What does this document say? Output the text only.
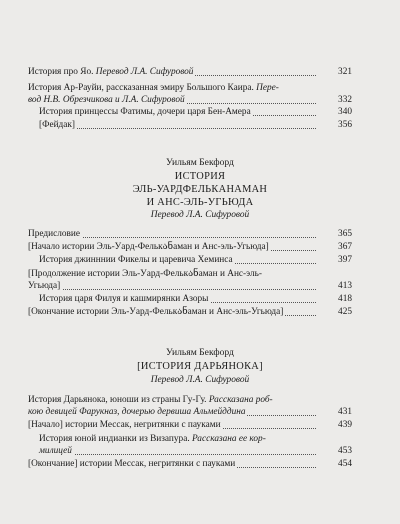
История про Яо. Перевод Л.А. Сифуровой	321
История Ар-Рауйи, рассказанная эмиру Большого Каира. Пере-
вод Н.В. Обрезчикова и Л.А. Сифуровой	332
История принцессы Фатимы, дочери царя Бен-Амера	340
[Фейдак]	356
Уильям Бекфорд
ИСТОРИЯ
ЭЛЬ-УАРДФЕЛЬКАНАМАН
И АНС-ЭЛЬ-УГЬЮДА
Перевод Л.А. Сифуровой
Предисловие	365
[Начало истории Эль-Уард-Фелькანаман и Анс-эль-Угьюда]	367
История джинннии Фикелы и царевича Хеминса	397
[Продолжение истории Эль-Уард-Фелькანаман и Анс-эль-
Угьюда]	413
История царя Филуя и кашмирянки Азоры	418
[Окончание истории Эль-Уард-Фелькანаман и Анс-эль-Угьюда]	425
Уильям Бекфорд
[ИСТОРИЯ ДАРЬЯНОКА]
Перевод Л.А. Сифуровой
История Дарьянока, юноши из страны Гу-Гу. Рассказана роб-
кою девицей Фарукназ, дочерью дервиша Альмейддина	431
[Начало] истории Мессак, негритянки с пауками	439
История юной индианки из Визапура. Рассказана ее кор-
милицей	453
[Окончание] истории Мессак, негритянки с пауками	454
